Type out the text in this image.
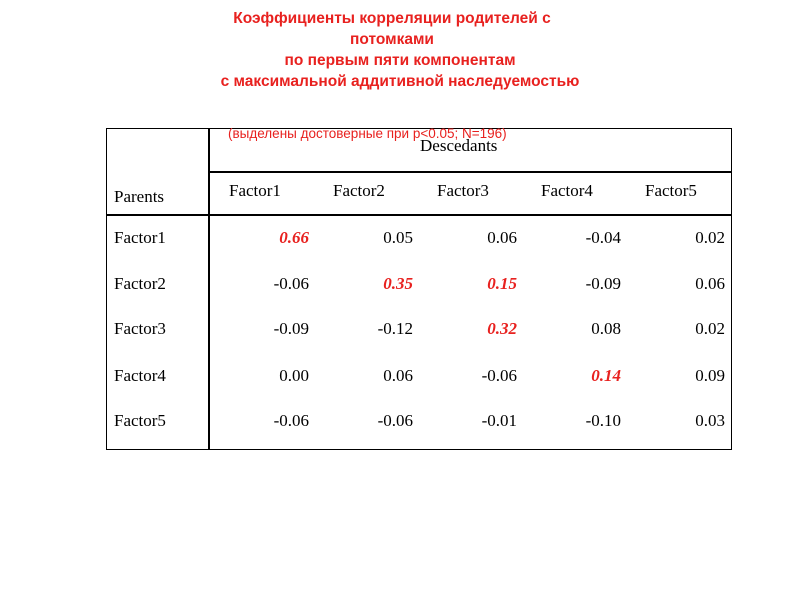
Коэффициенты корреляции родителей с
потомками
по первым пяти компонентам
с максимальной аддитивной наследуемостью
(выделены достоверные при p<0.05; N=196)
Descedants
Parents	Factor1	Factor2	Factor3	Factor4	Factor5
Factor1	0.66	0.05	0.06	-0.04	0.02
Factor2	-0.06	0.35	0.15	-0.09	0.06
Factor3	-0.09	-0.12	0.32	0.08	0.02
Factor4	0.00	0.06	-0.06	0.14	0.09
Factor5	-0.06	-0.06	-0.01	-0.10	0.03
